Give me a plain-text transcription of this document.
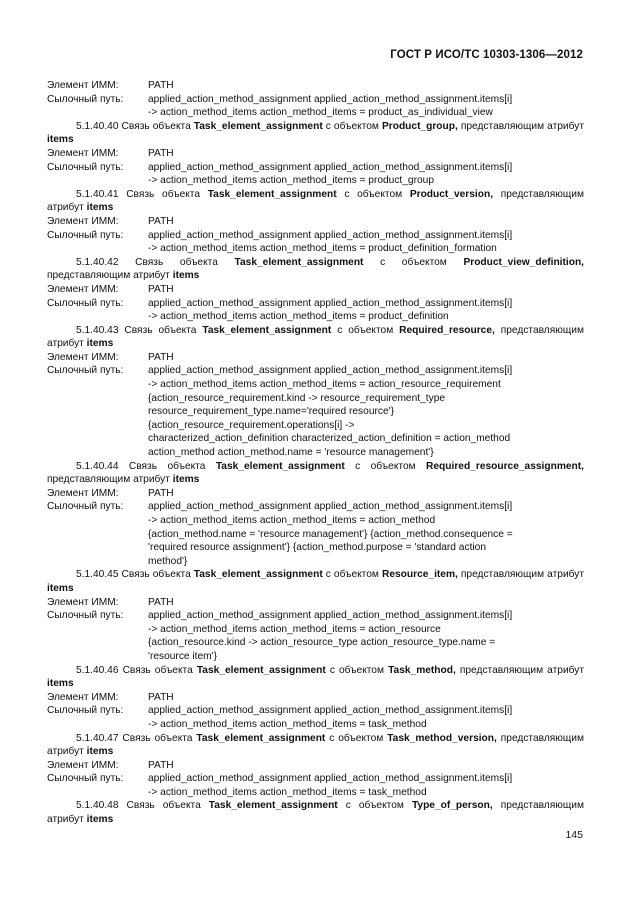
ГОСТ Р ИСО/ТС 10303-1306—2012
Элемент ИММ:	PATH
Сылочный путь:	applied_action_method_assignment applied_action_method_assignment.items[i]
-> action_method_items action_method_items = product_as_individual_view

5.1.40.40 Связь объекта Task_element_assignment с объектом Product_group, представляющим атрибут items

Элемент ИММ:	PATH
Сылочный путь:	applied_action_method_assignment applied_action_method_assignment.items[i]
-> action_method_items action_method_items = product_group

5.1.40.41 Связь объекта Task_element_assignment с объектом Product_version, представляющим атрибут items

Элемент ИММ:	PATH
Сылочный путь:	applied_action_method_assignment applied_action_method_assignment.items[i]
-> action_method_items action_method_items = product_definition_formation

5.1.40.42 Связь объекта Task_element_assignment с объектом Product_view_definition, представляющим атрибут items

Элемент ИММ:	PATH
Сылочный путь:	applied_action_method_assignment applied_action_method_assignment.items[i]
-> action_method_items action_method_items = product_definition

5.1.40.43 Связь объекта Task_element_assignment с объектом Required_resource, представляющим атрибут items

Элемент ИММ:	PATH
Сылочный путь:	applied_action_method_assignment applied_action_method_assignment.items[i]
-> action_method_items action_method_items = action_resource_requirement
{action_resource_requirement.kind -> resource_requirement_type
resource_requirement_type.name='required resource'}
{action_resource_requirement.operations[i] ->
characterized_action_definition characterized_action_definition = action_method
action_method action_method.name = 'resource management'}

5.1.40.44 Связь объекта Task_element_assignment с объектом Required_resource_assignment, представляющим атрибут items

Элемент ИММ:	PATH
Сылочный путь:	applied_action_method_assignment applied_action_method_assignment.items[i]
-> action_method_items action_method_items = action_method
{action_method.name = 'resource management'} {action_method.consequence =
'required resource assignment'} {action_method.purpose = 'standard action
method'}

5.1.40.45 Связь объекта Task_element_assignment с объектом Resource_item, представляющим атрибут items

Элемент ИММ:	PATH
Сылочный путь:	applied_action_method_assignment applied_action_method_assignment.items[i]
-> action_method_items action_method_items = action_resource
{action_resource.kind -> action_resource_type action_resource_type.name =
'resource item'}

5.1.40.46 Связь объекта Task_element_assignment с объектом Task_method, представляющим атрибут items

Элемент ИММ:	PATH
Сылочный путь:	applied_action_method_assignment applied_action_method_assignment.items[i]
-> action_method_items action_method_items = task_method

5.1.40.47 Связь объекта Task_element_assignment с объектом Task_method_version, представляющим атрибут items

Элемент ИММ:	PATH
Сылочный путь:	applied_action_method_assignment applied_action_method_assignment.items[i]
-> action_method_items action_method_items = task_method

5.1.40.48 Связь объекта Task_element_assignment с объектом Type_of_person, представляющим атрибут items

145
